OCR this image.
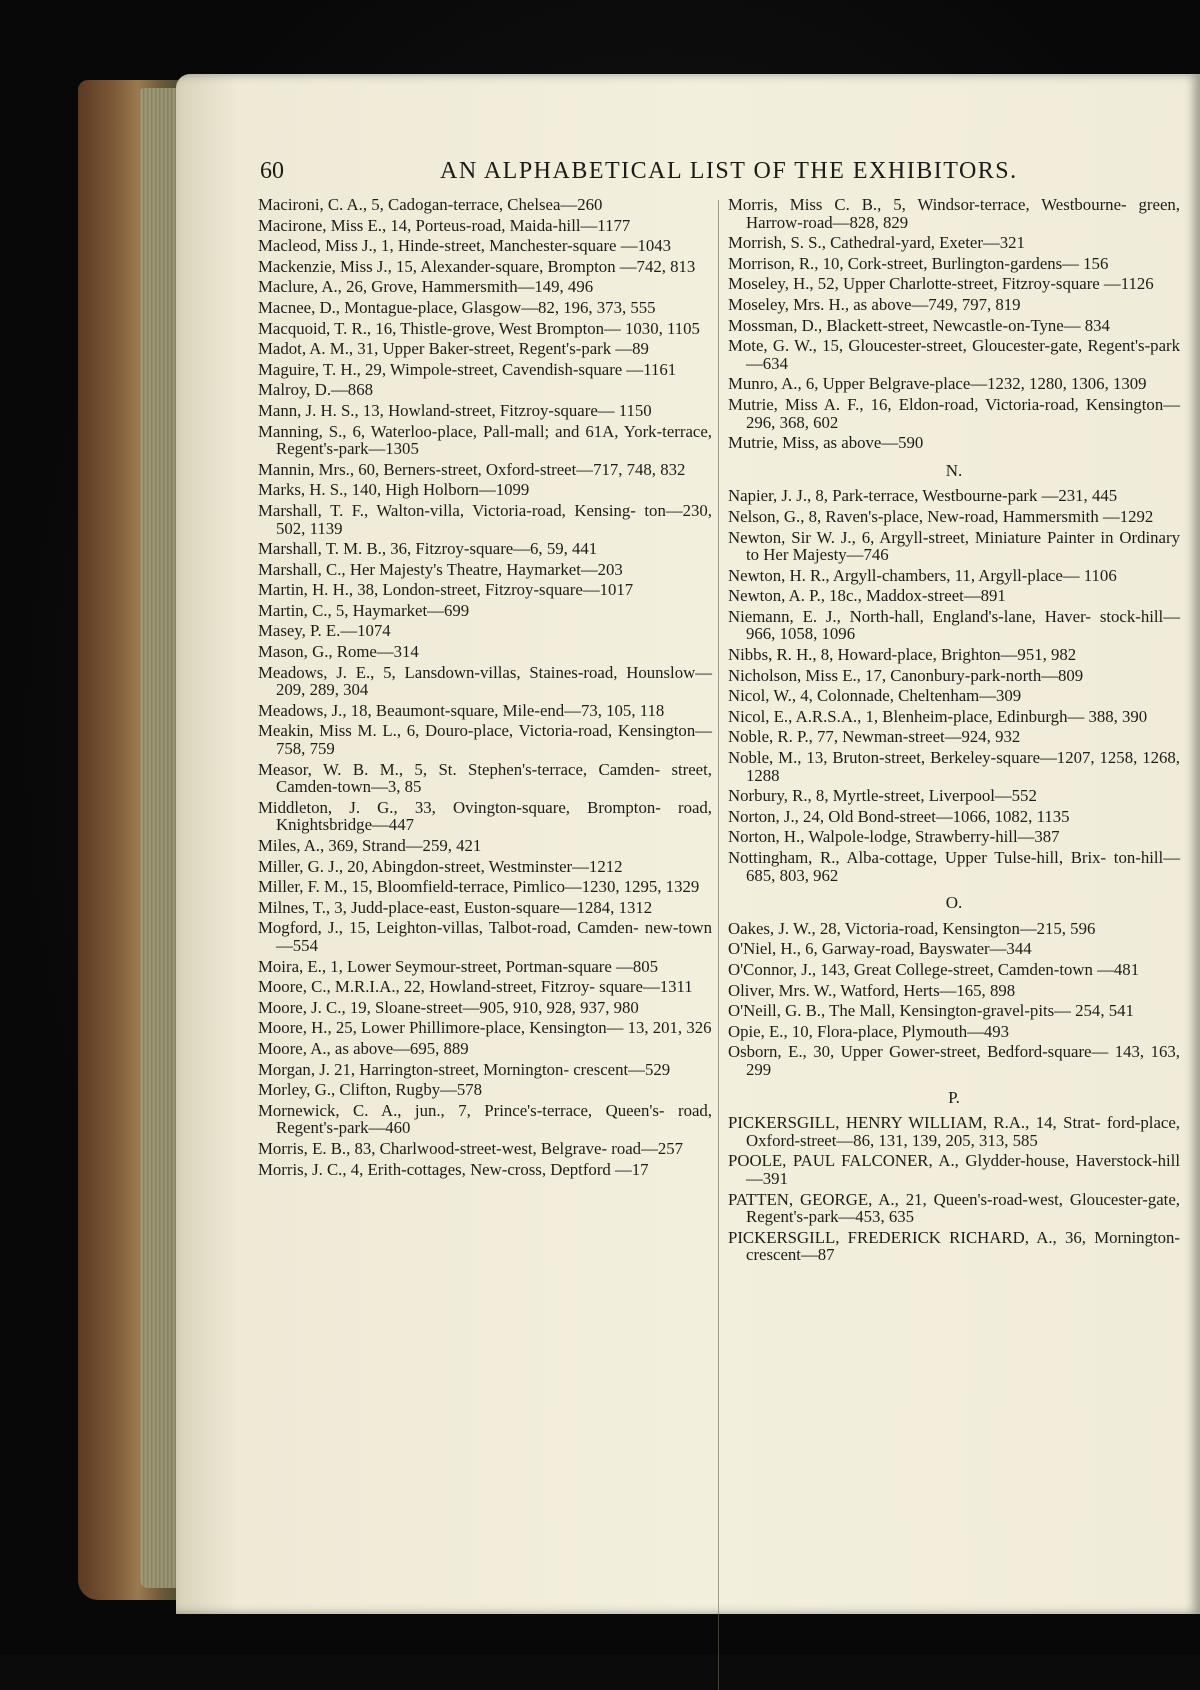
60	AN ALPHABETICAL LIST OF THE EXHIBITORS.
Macironi, C. A., 5, Cadogan-terrace, Chelsea—260
Macirone, Miss E., 14, Porteus-road, Maida-hill—1177
Macleod, Miss J., 1, Hinde-street, Manchester-square —1043
Mackenzie, Miss J., 15, Alexander-square, Brompton —742, 813
Maclure, A., 26, Grove, Hammersmith—149, 496
Macnee, D., Montague-place, Glasgow—82, 196, 373, 555
Macquoid, T. R., 16, Thistle-grove, West Brompton— 1030, 1105
Madot, A. M., 31, Upper Baker-street, Regent's-park —89
Maguire, T. H., 29, Wimpole-street, Cavendish-square —1161
Malroy, D.—868
Mann, J. H. S., 13, Howland-street, Fitzroy-square— 1150
Manning, S., 6, Waterloo-place, Pall-mall; and 61A, York-terrace, Regent's-park—1305
Mannin, Mrs., 60, Berners-street, Oxford-street—717, 748, 832
Marks, H. S., 140, High Holborn—1099
Marshall, T. F., Walton-villa, Victoria-road, Kensing- ton—230, 502, 1139
Marshall, T. M. B., 36, Fitzroy-square—6, 59, 441
Marshall, C., Her Majesty's Theatre, Haymarket—203
Martin, H. H., 38, London-street, Fitzroy-square—1017
Martin, C., 5, Haymarket—699
Masey, P. E.—1074
Mason, G., Rome—314
Meadows, J. E., 5, Lansdown-villas, Staines-road, Hounslow—209, 289, 304
Meadows, J., 18, Beaumont-square, Mile-end—73, 105, 118
Meakin, Miss M. L., 6, Douro-place, Victoria-road, Kensington—758, 759
Measor, W. B. M., 5, St. Stephen's-terrace, Camden- street, Camden-town—3, 85
Middleton, J. G., 33, Ovington-square, Brompton- road, Knightsbridge—447
Miles, A., 369, Strand—259, 421
Miller, G. J., 20, Abingdon-street, Westminster—1212
Miller, F. M., 15, Bloomfield-terrace, Pimlico—1230, 1295, 1329
Milnes, T., 3, Judd-place-east, Euston-square—1284, 1312
Mogford, J., 15, Leighton-villas, Talbot-road, Camden- new-town—554
Moira, E., 1, Lower Seymour-street, Portman-square —805
Moore, C., M.R.I.A., 22, Howland-street, Fitzroy- square—1311
Moore, J. C., 19, Sloane-street—905, 910, 928, 937, 980
Moore, H., 25, Lower Phillimore-place, Kensington— 13, 201, 326
Moore, A., as above—695, 889
Morgan, J. 21, Harrington-street, Mornington- crescent—529
Morley, G., Clifton, Rugby—578
Mornewick, C. A., jun., 7, Prince's-terrace, Queen's- road, Regent's-park—460
Morris, E. B., 83, Charlwood-street-west, Belgrave- road—257
Morris, J. C., 4, Erith-cottages, New-cross, Deptford —17
Morris, Miss C. B., 5, Windsor-terrace, Westbourne- green, Harrow-road—828, 829
Morrish, S. S., Cathedral-yard, Exeter—321
Morrison, R., 10, Cork-street, Burlington-gardens— 156
Moseley, H., 52, Upper Charlotte-street, Fitzroy-square —1126
Moseley, Mrs. H., as above—749, 797, 819
Mossman, D., Blackett-street, Newcastle-on-Tyne— 834
Mote, G. W., 15, Gloucester-street, Gloucester-gate, Regent's-park—634
Munro, A., 6, Upper Belgrave-place—1232, 1280, 1306, 1309
Mutrie, Miss A. F., 16, Eldon-road, Victoria-road, Kensington—296, 368, 602
Mutrie, Miss, as above—590
N.
Napier, J. J., 8, Park-terrace, Westbourne-park —231, 445
Nelson, G., 8, Raven's-place, New-road, Hammersmith —1292
Newton, Sir W. J., 6, Argyll-street, Miniature Painter in Ordinary to Her Majesty—746
Newton, H. R., Argyll-chambers, 11, Argyll-place— 1106
Newton, A. P., 18c., Maddox-street—891
Niemann, E. J., North-hall, England's-lane, Haver- stock-hill—966, 1058, 1096
Nibbs, R. H., 8, Howard-place, Brighton—951, 982
Nicholson, Miss E., 17, Canonbury-park-north—809
Nicol, W., 4, Colonnade, Cheltenham—309
Nicol, E., A.R.S.A., 1, Blenheim-place, Edinburgh— 388, 390
Noble, R. P., 77, Newman-street—924, 932
Noble, M., 13, Bruton-street, Berkeley-square—1207, 1258, 1268, 1288
Norbury, R., 8, Myrtle-street, Liverpool—552
Norton, J., 24, Old Bond-street—1066, 1082, 1135
Norton, H., Walpole-lodge, Strawberry-hill—387
Nottingham, R., Alba-cottage, Upper Tulse-hill, Brix- ton-hill—685, 803, 962
O.
Oakes, J. W., 28, Victoria-road, Kensington—215, 596
O'Niel, H., 6, Garway-road, Bayswater—344
O'Connor, J., 143, Great College-street, Camden-town —481
Oliver, Mrs. W., Watford, Herts—165, 898
O'Neill, G. B., The Mall, Kensington-gravel-pits— 254, 541
Opie, E., 10, Flora-place, Plymouth—493
Osborn, E., 30, Upper Gower-street, Bedford-square— 143, 163, 299
P.
PICKERSGILL, HENRY WILLIAM, R.A., 14, Strat- ford-place, Oxford-street—86, 131, 139, 205, 313, 585
POOLE, PAUL FALCONER, A., Glydder-house, Haverstock-hill—391
PATTEN, GEORGE, A., 21, Queen's-road-west, Gloucester-gate, Regent's-park—453, 635
PICKERSGILL, FREDERICK RICHARD, A., 36, Mornington-crescent—87
